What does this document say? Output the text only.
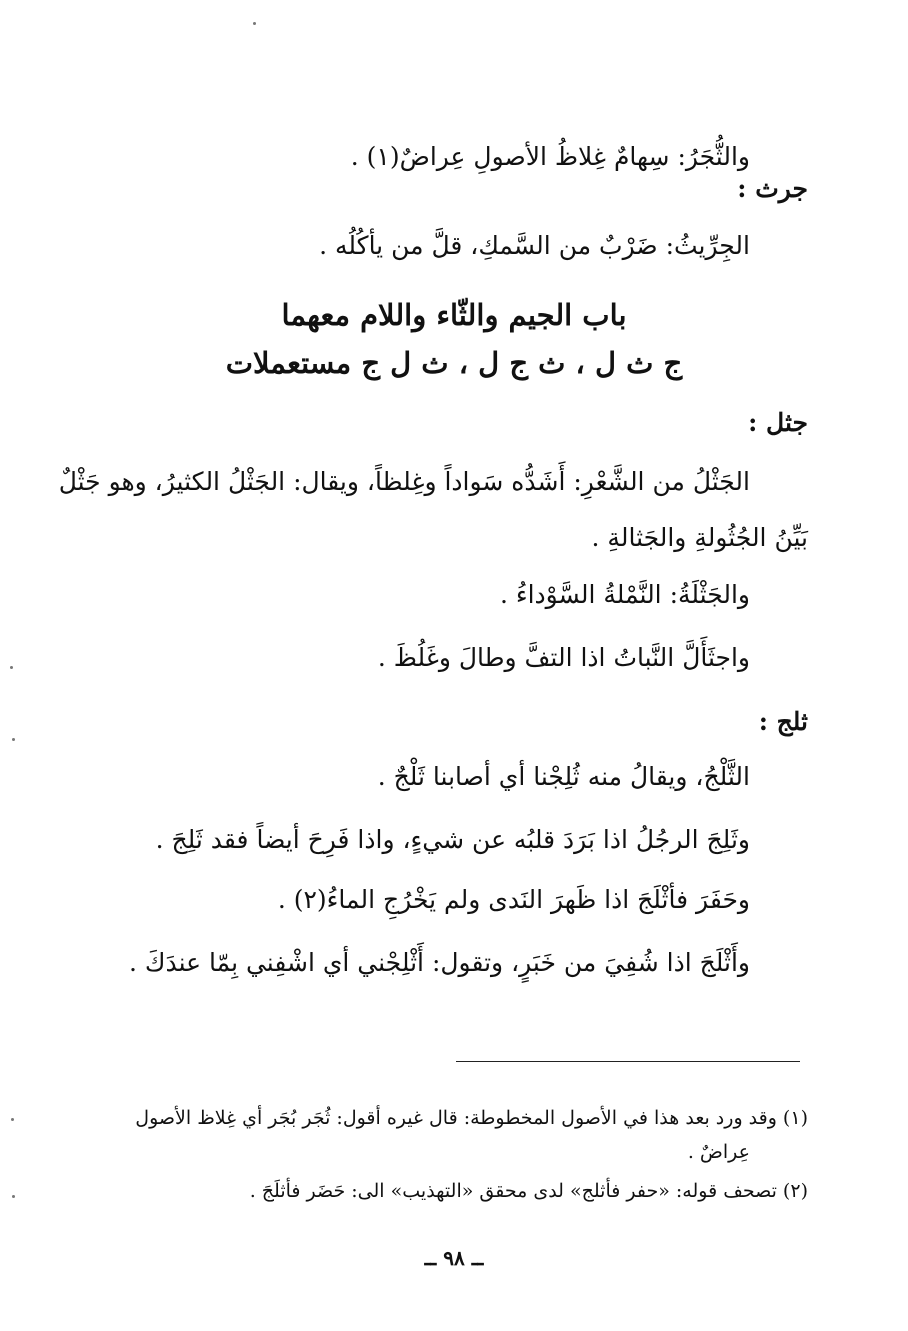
والثُّجَرُ: سِهامٌ غِلاظُ الأصولِ عِراضٌ(١) .
جرث :
الجِرِّيثُ: ضَرْبٌ من السَّمكِ، قلَّ من يأكُلُه .
باب الجيم والثّاء واللام معهما
ج ث ل ، ث ج ل ، ث ل ج مستعملات
جثل :
الجَثْلُ من الشَّعْرِ: أَشَدُّه سَواداً وغِلظاً، ويقال: الجَثْلُ الكثيرُ، وهو جَثْلٌ
بَيِّنُ الجُثُولةِ والجَثالةِ .
والجَثْلَةُ: النَّمْلةُ السَّوْداءُ .
واجثَأَلَّ النَّباتُ اذا التفَّ وطالَ وغَلُظَ .
ثلج :
الثَّلْجُ، ويقالُ منه ثُلِجْنا أي أصابنا ثَلْجٌ .
وثَلِجَ الرجُلُ اذا بَرَدَ قلبُه عن شيءٍ، واذا فَرِحَ أيضاً فقد ثَلِجَ .
وحَفَرَ فأثْلَجَ اذا ظَهرَ النَدى ولم يَخْرُجِ الماءُ(٢) .
وأَثْلَجَ اذا شُفِيَ من خَبَرٍ، وتقول: أَثْلِجْني أي اشْفِني بِمّا عندَكَ .
(١) وقد ورد بعد هذا في الأصول المخطوطة: قال غيره أقول: ثُجَر بُجَر أي غِلاظ الأصول
عِراضٌ .
(٢) تصحف قوله: «حفر فأثلج» لدى محقق «التهذيب» الى: حَضَر فأثلَجَ .
ــ ٩٨ ــ
